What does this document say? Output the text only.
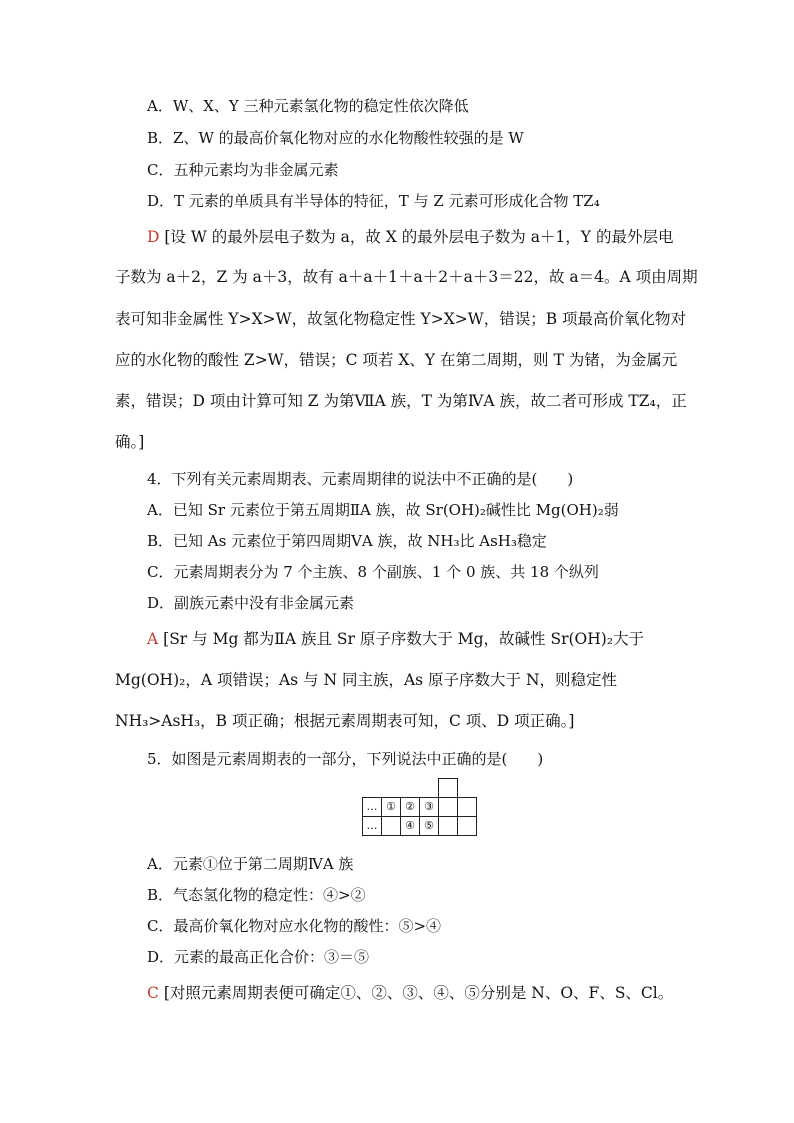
A．W、X、Y 三种元素氢化物的稳定性依次降低
B．Z、W 的最高价氧化物对应的水化物酸性较强的是 W
C．五种元素均为非金属元素
D．T 元素的单质具有半导体的特征，T 与 Z 元素可形成化合物 TZ₄
D [设 W 的最外层电子数为 a，故 X 的最外层电子数为 a＋1，Y 的最外层电
子数为 a＋2，Z 为 a＋3，故有 a＋a＋1＋a＋2＋a＋3＝22，故 a＝4。A 项由周期
表可知非金属性 Y>X>W，故氢化物稳定性 Y>X>W，错误；B 项最高价氧化物对
应的水化物的酸性 Z>W，错误；C 项若 X、Y 在第二周期，则 T 为锗，为金属元
素，错误；D 项由计算可知 Z 为第ⅦA 族，T 为第ⅣA 族，故二者可形成 TZ₄，正
确。]
4．下列有关元素周期表、元素周期律的说法中不正确的是(　　)
A．已知 Sr 元素位于第五周期ⅡA 族，故 Sr(OH)₂碱性比 Mg(OH)₂弱
B．已知 As 元素位于第四周期ⅤA 族，故 NH₃比 AsH₃稳定
C．元素周期表分为 7 个主族、8 个副族、1 个 0 族、共 18 个纵列
D．副族元素中没有非金属元素
A [Sr 与 Mg 都为ⅡA 族且 Sr 原子序数大于 Mg，故碱性 Sr(OH)₂大于
Mg(OH)₂，A 项错误；As 与 N 同主族，As 原子序数大于 N，则稳定性
NH₃>AsH₃，B 项正确；根据元素周期表可知，C 项、D 项正确。]
5．如图是元素周期表的一部分，下列说法中正确的是(　　)

…	①	②	③		
…		④	⑤		
A．元素①位于第二周期ⅣA 族
B．气态氢化物的稳定性：④>②
C．最高价氧化物对应水化物的酸性：⑤>④
D．元素的最高正化合价：③＝⑤
C [对照元素周期表便可确定①、②、③、④、⑤分别是 N、O、F、S、Cl。
